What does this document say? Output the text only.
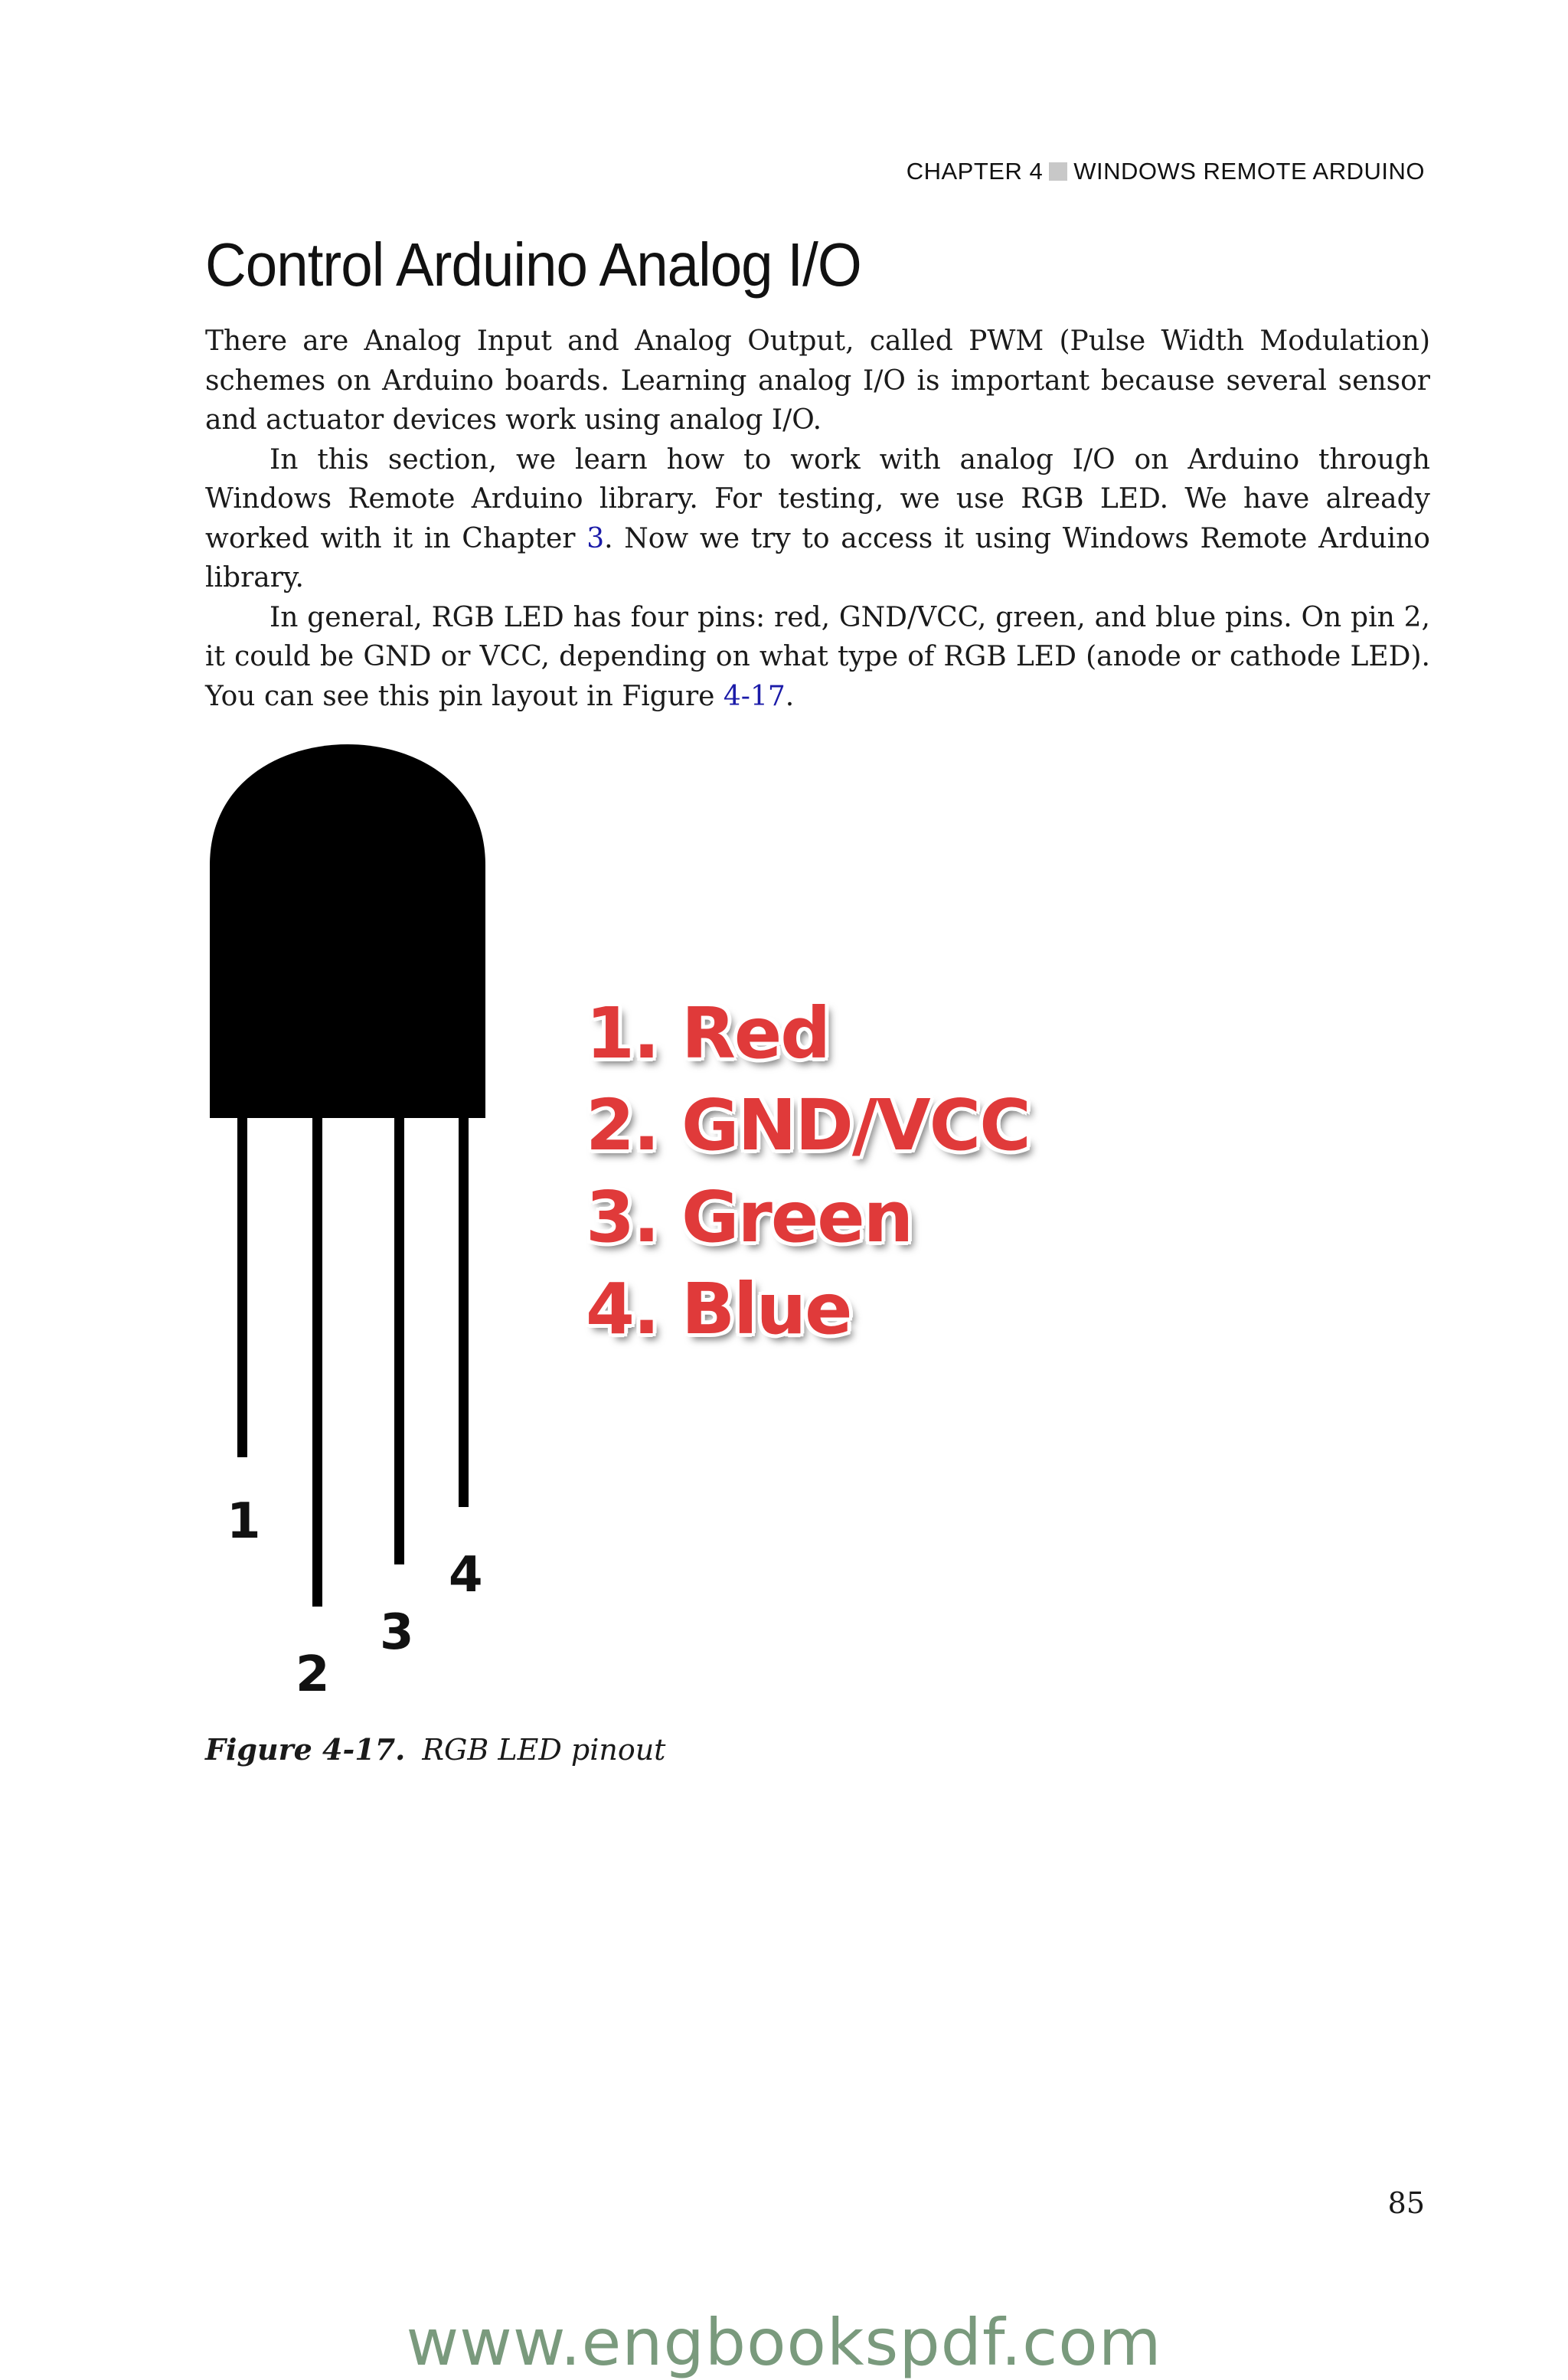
CHAPTER 4 WINDOWS REMOTE ARDUINO
Control Arduino Analog I/O

There are Analog Input and Analog Output, called PWM (Pulse Width Modulation) schemes on Arduino boards. Learning analog I/O is important because several sensor and actuator devices work using analog I/O.

In this section, we learn how to work with analog I/O on Arduino through Windows Remote Arduino library. For testing, we use RGB LED. We have already worked with it in Chapter 3. Now we try to access it using Windows Remote Arduino library.

In general, RGB LED has four pins: red, GND/VCC, green, and blue pins. On pin 2, it could be GND or VCC, depending on what type of RGB LED (anode or cathode LED). You can see this pin layout in Figure 4-17.

1
2
3
4
1. Red
2. GND/VCC
3. Green
4. Blue
Figure 4-17. RGB LED pinout
85
www.engbookspdf.com
